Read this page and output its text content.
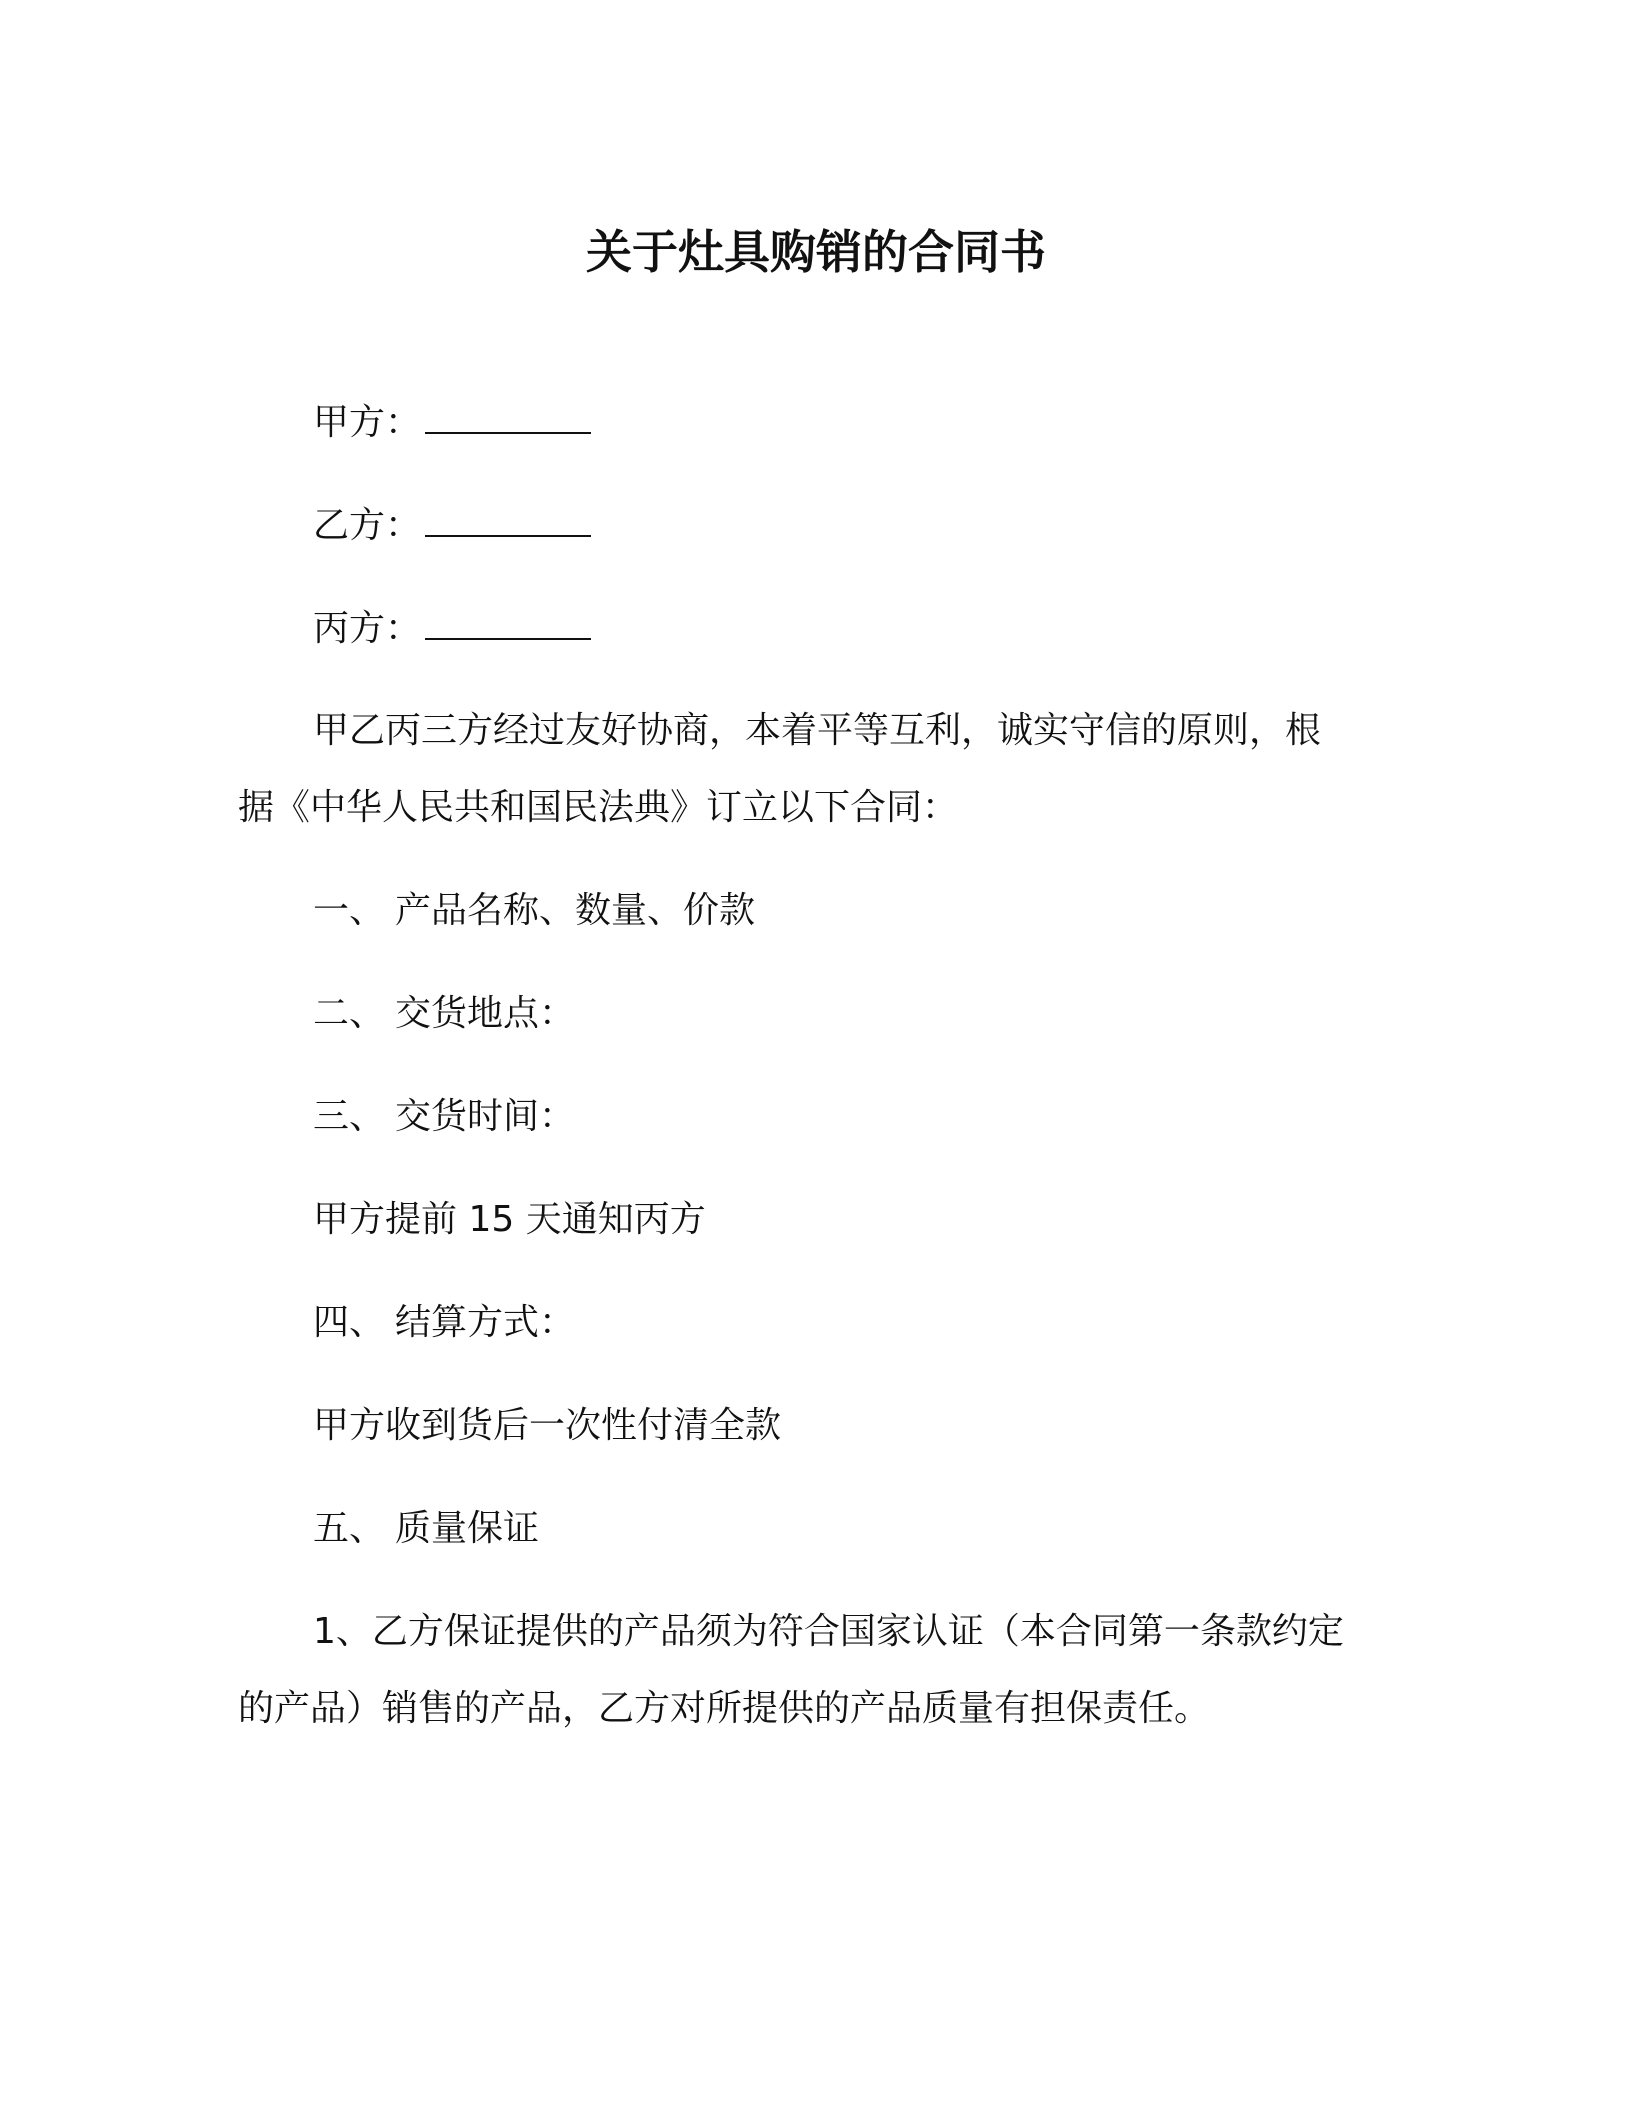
关于灶具购销的合同书
甲方：
乙方：
丙方：
甲乙丙三方经过友好协商，本着平等互利，诚实守信的原则，根
据《中华人民共和国民法典》订立以下合同：
一、 产品名称、数量、价款
二、 交货地点：
三、 交货时间：
甲方提前 15 天通知丙方
四、 结算方式：
甲方收到货后一次性付清全款
五、 质量保证
1、乙方保证提供的产品须为符合国家认证（本合同第一条款约定
的产品）销售的产品，乙方对所提供的产品质量有担保责任。
